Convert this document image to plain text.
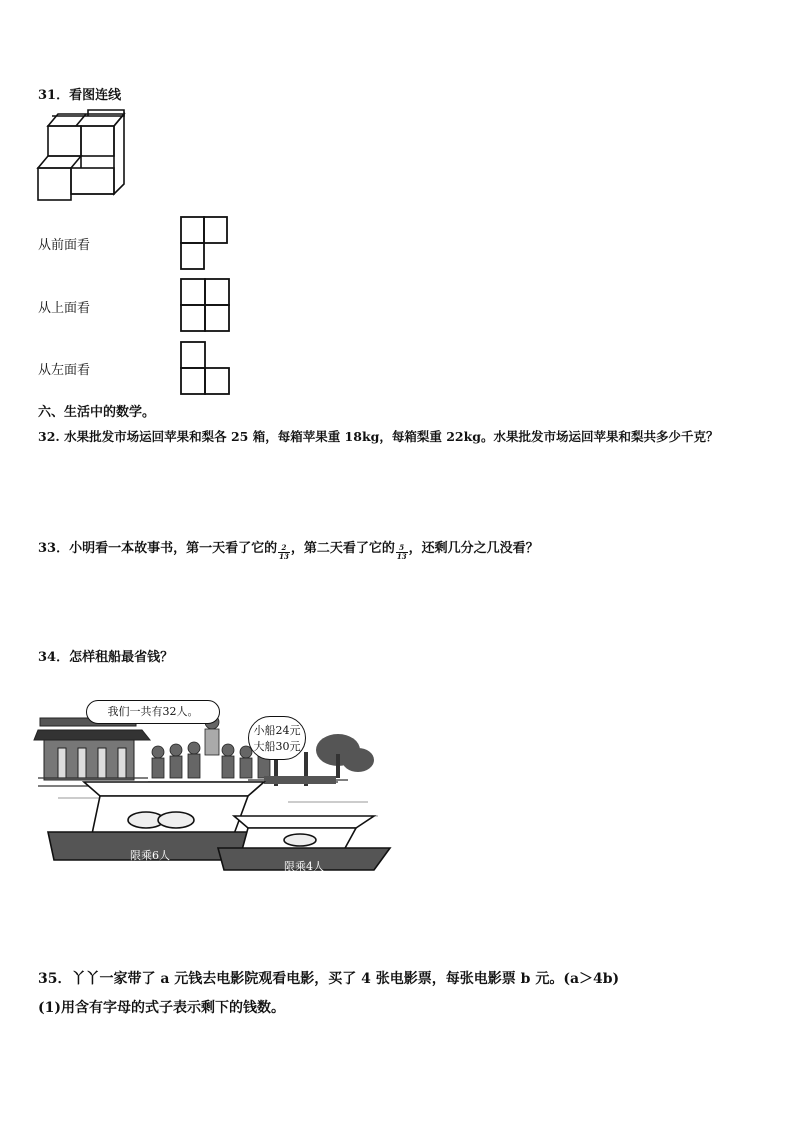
31．看图连线
从前面看
从上面看
从左面看
六、生活中的数学。
32. 水果批发市场运回苹果和梨各 25 箱，每箱苹果重 18kg，每箱梨重 22kg。水果批发市场运回苹果和梨共多少千克？
33．小明看一本故事书，第一天看了它的 $\frac{2}{13}$ ，第二天看了它的 $\frac{5}{13}$ ，还剩几分之几没看？
34．怎样租船最省钱？
我们一共有32人。
小船24元
大船30元
限乘6人
限乘4人
35．丫丫一家带了 a 元钱去电影院观看电影，买了 4 张电影票，每张电影票 b 元。(a＞4b)
(1)用含有字母的式子表示剩下的钱数。
